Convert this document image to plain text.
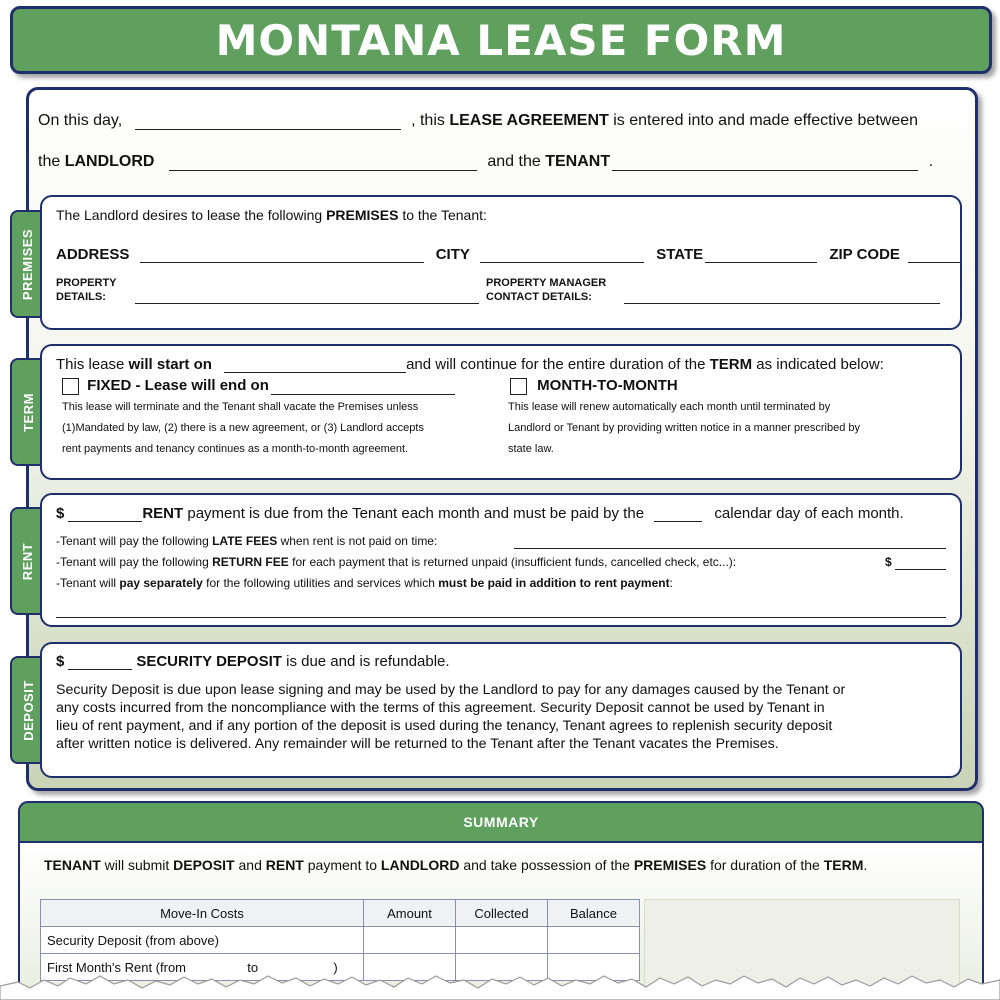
MONTANA LEASE FORM
On this day,	, this LEASE AGREEMENT is entered into and made effective between
the LANDLORD	and the TENANT	.
PREMISES
The Landlord desires to lease the following PREMISES to the Tenant:
ADDRESS	CITY	STATE	ZIP CODE
PROPERTY
DETAILS:
PROPERTY MANAGER
CONTACT DETAILS:
TERM
This lease will start on	and will continue for the entire duration of the TERM as indicated below:
FIXED - Lease will end on
This lease will terminate and the Tenant shall vacate the Premises unless
(1)Mandated by law, (2) there is a new agreement, or (3) Landlord accepts
rent payments and tenancy continues as a month-to-month agreement.
MONTH-TO-MONTH
This lease will renew automatically each month until terminated by
Landlord or Tenant by providing written notice in a manner prescribed by
state law.
RENT
$	RENT payment is due from the Tenant each month and must be paid by the	calendar day of each month.
-Tenant will pay the following LATE FEES when rent is not paid on time:
-Tenant will pay the following RETURN FEE for each payment that is returned unpaid (insufficient funds, cancelled check, etc...):	$
-Tenant will pay separately for the following utilities and services which must be paid in addition to rent payment:
DEPOSIT
$	SECURITY DEPOSIT is due and is refundable.
Security Deposit is due upon lease signing and may be used by the Landlord to pay for any damages caused by the Tenant or
any costs incurred from the noncompliance with the terms of this agreement. Security Deposit cannot be used by Tenant in
lieu of rent payment, and if any portion of the deposit is used during the tenancy, Tenant agrees to replenish security deposit
after written notice is delivered. Any remainder will be returned to the Tenant after the Tenant vacates the Premises.
SUMMARY
TENANT will submit DEPOSIT and RENT payment to LANDLORD and take possession of the PREMISES for duration of the TERM.
Move-In Costs	Amount	Collected	Balance
Security Deposit (from above)			
First Month's Rent (from to )			
